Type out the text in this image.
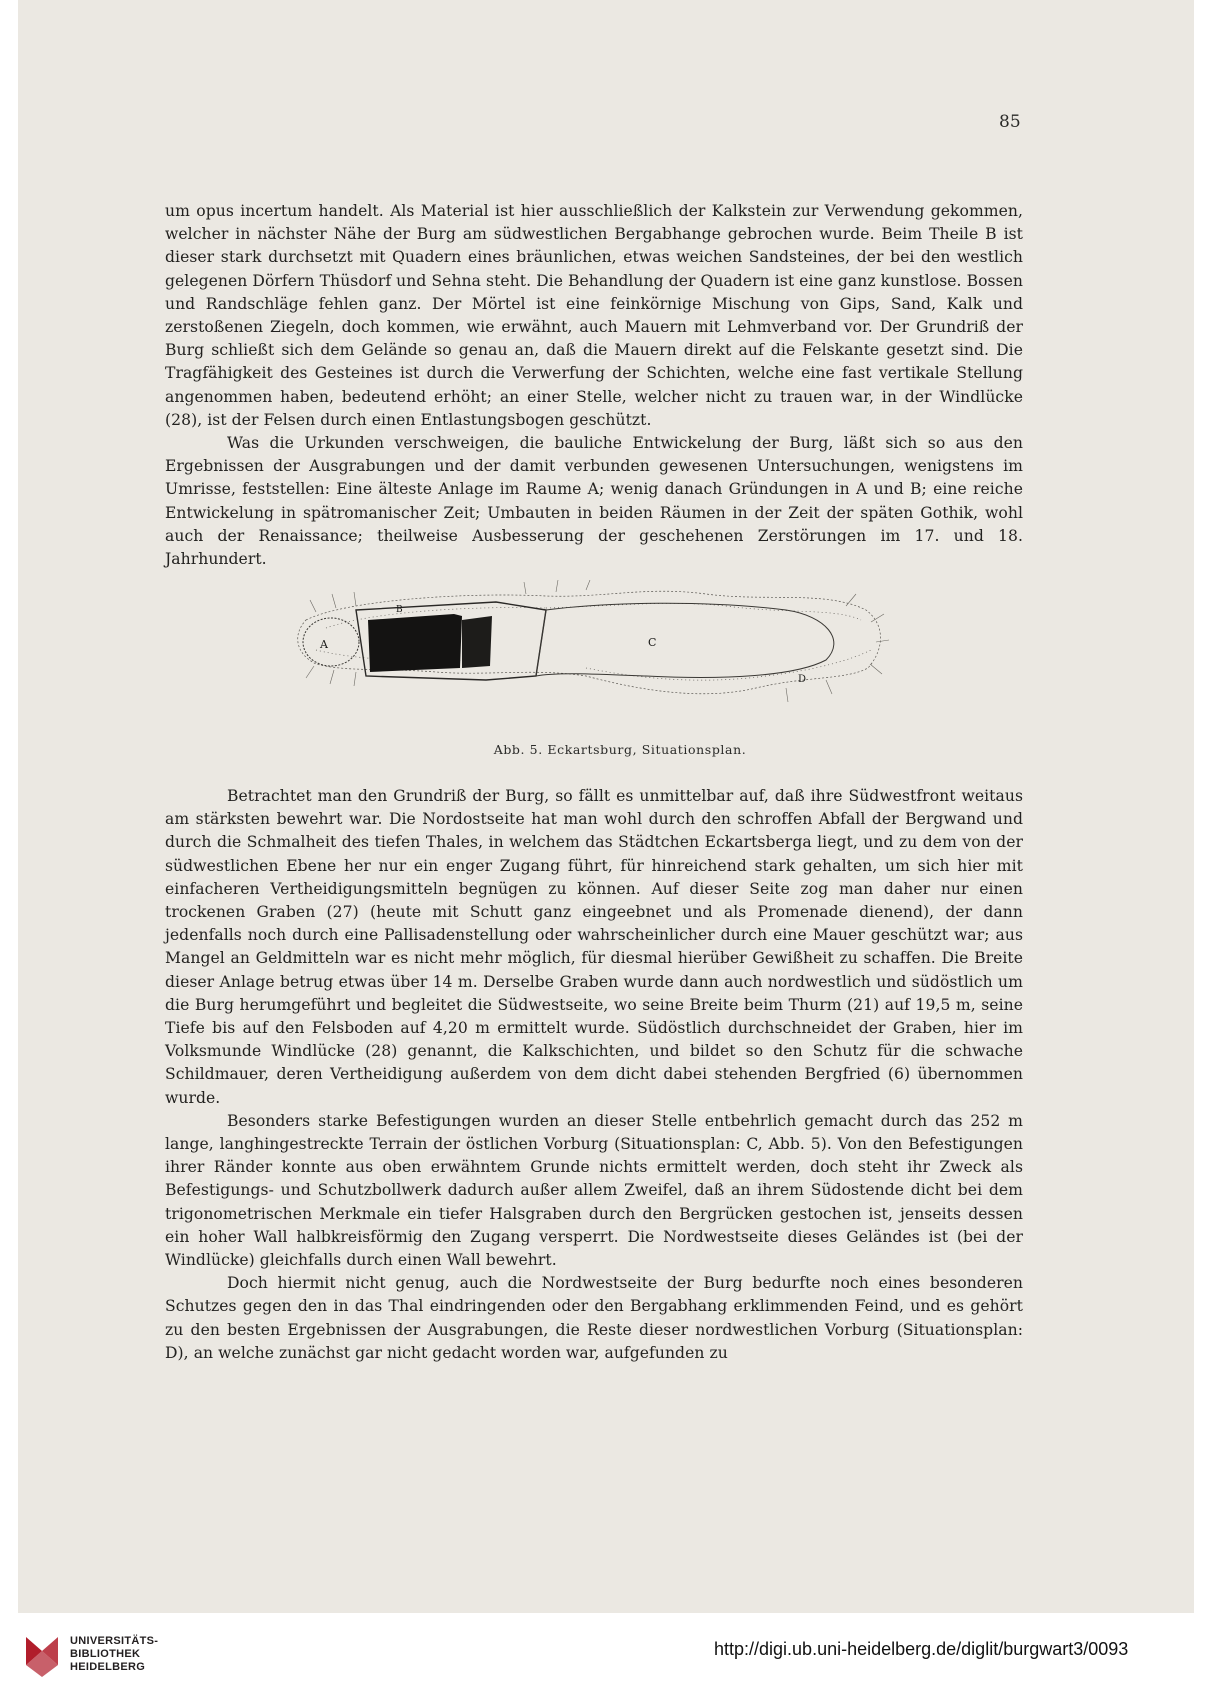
85

um opus incertum handelt. Als Material ist hier ausschließlich der Kalkstein zur Verwendung gekommen, welcher in nächster Nähe der Burg am südwestlichen Bergabhange gebrochen wurde. Beim Theile B ist dieser stark durchsetzt mit Quadern eines bräunlichen, etwas weichen Sandsteines, der bei den westlich gelegenen Dörfern Thüsdorf und Sehna steht. Die Behandlung der Quadern ist eine ganz kunstlose. Bossen und Randschläge fehlen ganz. Der Mörtel ist eine feinkörnige Mischung von Gips, Sand, Kalk und zerstoßenen Ziegeln, doch kommen, wie erwähnt, auch Mauern mit Lehmverband vor. Der Grundriß der Burg schließt sich dem Gelände so genau an, daß die Mauern direkt auf die Felskante gesetzt sind. Die Tragfähigkeit des Gesteines ist durch die Verwerfung der Schichten, welche eine fast vertikale Stellung angenommen haben, bedeutend erhöht; an einer Stelle, welcher nicht zu trauen war, in der Windlücke (28), ist der Felsen durch einen Entlastungsbogen geschützt.

Was die Urkunden verschweigen, die bauliche Entwickelung der Burg, läßt sich so aus den Ergebnissen der Ausgrabungen und der damit verbunden gewesenen Untersuchungen, wenigstens im Umrisse, feststellen: Eine älteste Anlage im Raume A; wenig danach Gründungen in A und B; eine reiche Entwickelung in spätromanischer Zeit; Umbauten in beiden Räumen in der Zeit der späten Gothik, wohl auch der Renaissance; theilweise Ausbesserung der geschehenen Zerstörungen im 17. und 18. Jahrhundert.

A
B
C
D
Abb. 5. Eckartsburg, Situationsplan.

Betrachtet man den Grundriß der Burg, so fällt es unmittelbar auf, daß ihre Südwestfront weitaus am stärksten bewehrt war. Die Nordostseite hat man wohl durch den schroffen Abfall der Bergwand und durch die Schmalheit des tiefen Thales, in welchem das Städtchen Eckartsberga liegt, und zu dem von der südwestlichen Ebene her nur ein enger Zugang führt, für hinreichend stark gehalten, um sich hier mit einfacheren Vertheidigungsmitteln begnügen zu können. Auf dieser Seite zog man daher nur einen trockenen Graben (27) (heute mit Schutt ganz eingeebnet und als Promenade dienend), der dann jedenfalls noch durch eine Pallisadenstellung oder wahrscheinlicher durch eine Mauer geschützt war; aus Mangel an Geldmitteln war es nicht mehr möglich, für diesmal hierüber Gewißheit zu schaffen. Die Breite dieser Anlage betrug etwas über 14 m. Derselbe Graben wurde dann auch nordwestlich und südöstlich um die Burg herumgeführt und begleitet die Südwestseite, wo seine Breite beim Thurm (21) auf 19,5 m, seine Tiefe bis auf den Felsboden auf 4,20 m ermittelt wurde. Südöstlich durchschneidet der Graben, hier im Volksmunde Windlücke (28) genannt, die Kalkschichten, und bildet so den Schutz für die schwache Schildmauer, deren Vertheidigung außerdem von dem dicht dabei stehenden Bergfried (6) übernommen wurde.

Besonders starke Befestigungen wurden an dieser Stelle entbehrlich gemacht durch das 252 m lange, langhingestreckte Terrain der östlichen Vorburg (Situationsplan: C, Abb. 5). Von den Befestigungen ihrer Ränder konnte aus oben erwähntem Grunde nichts ermittelt werden, doch steht ihr Zweck als Befestigungs- und Schutzbollwerk dadurch außer allem Zweifel, daß an ihrem Südostende dicht bei dem trigonometrischen Merkmale ein tiefer Halsgraben durch den Bergrücken gestochen ist, jenseits dessen ein hoher Wall halbkreisförmig den Zugang versperrt. Die Nordwestseite dieses Geländes ist (bei der Windlücke) gleichfalls durch einen Wall bewehrt.

Doch hiermit nicht genug, auch die Nordwestseite der Burg bedurfte noch eines besonderen Schutzes gegen den in das Thal eindringenden oder den Bergabhang erklimmenden Feind, und es gehört zu den besten Ergebnissen der Ausgrabungen, die Reste dieser nordwestlichen Vorburg (Situationsplan: D), an welche zunächst gar nicht gedacht worden war, aufgefunden zu

UNIVERSITÄTS-
BIBLIOTHEK
HEIDELBERG
http://digi.ub.uni-heidelberg.de/diglit/burgwart3/0093
